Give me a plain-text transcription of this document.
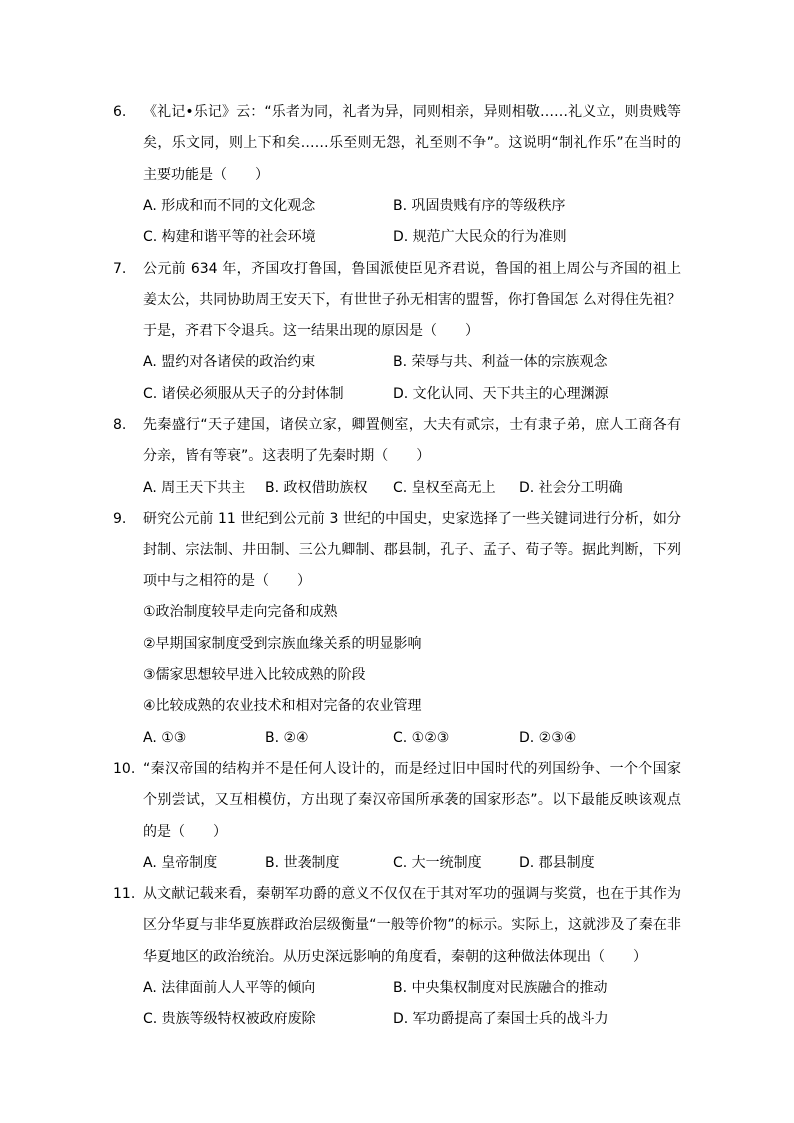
6. 《礼记•乐记》云：“乐者为同，礼者为异，同则相亲，异则相敬……礼义立，则贵贱等矣，乐文同，则上下和矣……乐至则无怨，礼至则不争”。这说明“制礼作乐”在当时的主要功能是（　　）
A. 形成和而不同的文化观念	B. 巩固贵贱有序的等级秩序
C. 构建和谐平等的社会环境	D. 规范广大民众的行为准则
7. 公元前 634 年，齐国攻打鲁国，鲁国派使臣见齐君说，鲁国的祖上周公与齐国的祖上姜太公，共同协助周王安天下，有世世子孙无相害的盟誓，你打鲁国怎 么对得住先祖？于是，齐君下令退兵。这一结果出现的原因是（　　）
A. 盟约对各诸侯的政治约束	B. 荣辱与共、利益一体的宗族观念
C. 诸侯必须服从天子的分封体制	D. 文化认同、天下共主的心理渊源
8. 先秦盛行“天子建国，诸侯立家，卿置侧室，大夫有贰宗，士有隶子弟，庶人工商各有分亲，皆有等衰”。这表明了先秦时期（　　）
A. 周王天下共主 B. 政权借助族权 C. 皇权至高无上 D. 社会分工明确
9. 研究公元前 11 世纪到公元前 3 世纪的中国史，史家选择了一些关键词进行分析，如分封制、宗法制、井田制、三公九卿制、郡县制，孔子、孟子、荀子等。据此判断，下列项中与之相符的是（　　）
①政治制度较早走向完备和成熟
②早期国家制度受到宗族血缘关系的明显影响
③儒家思想较早进入比较成熟的阶段
④比较成熟的农业技术和相对完备的农业管理
A. ①③	B. ②④	C. ①②③	D. ②③④
10. “秦汉帝国的结构并不是任何人设计的，而是经过旧中国时代的列国纷争、一个个国家个别尝试，又互相模仿，方出现了秦汉帝国所承袭的国家形态”。以下最能反映该观点的是（　　）
A. 皇帝制度	B. 世袭制度	C. 大一统制度	D. 郡县制度
11. 从文献记载来看，秦朝军功爵的意义不仅仅在于其对军功的强调与奖赏，也在于其作为区分华夏与非华夏族群政治层级衡量“一般等价物”的标示。实际上，这就涉及了秦在非华夏地区的政治统治。从历史深远影响的角度看，秦朝的这种做法体现出（　　）
A. 法律面前人人平等的倾向	B. 中央集权制度对民族融合的推动
C. 贵族等级特权被政府废除	D. 军功爵提高了秦国士兵的战斗力
